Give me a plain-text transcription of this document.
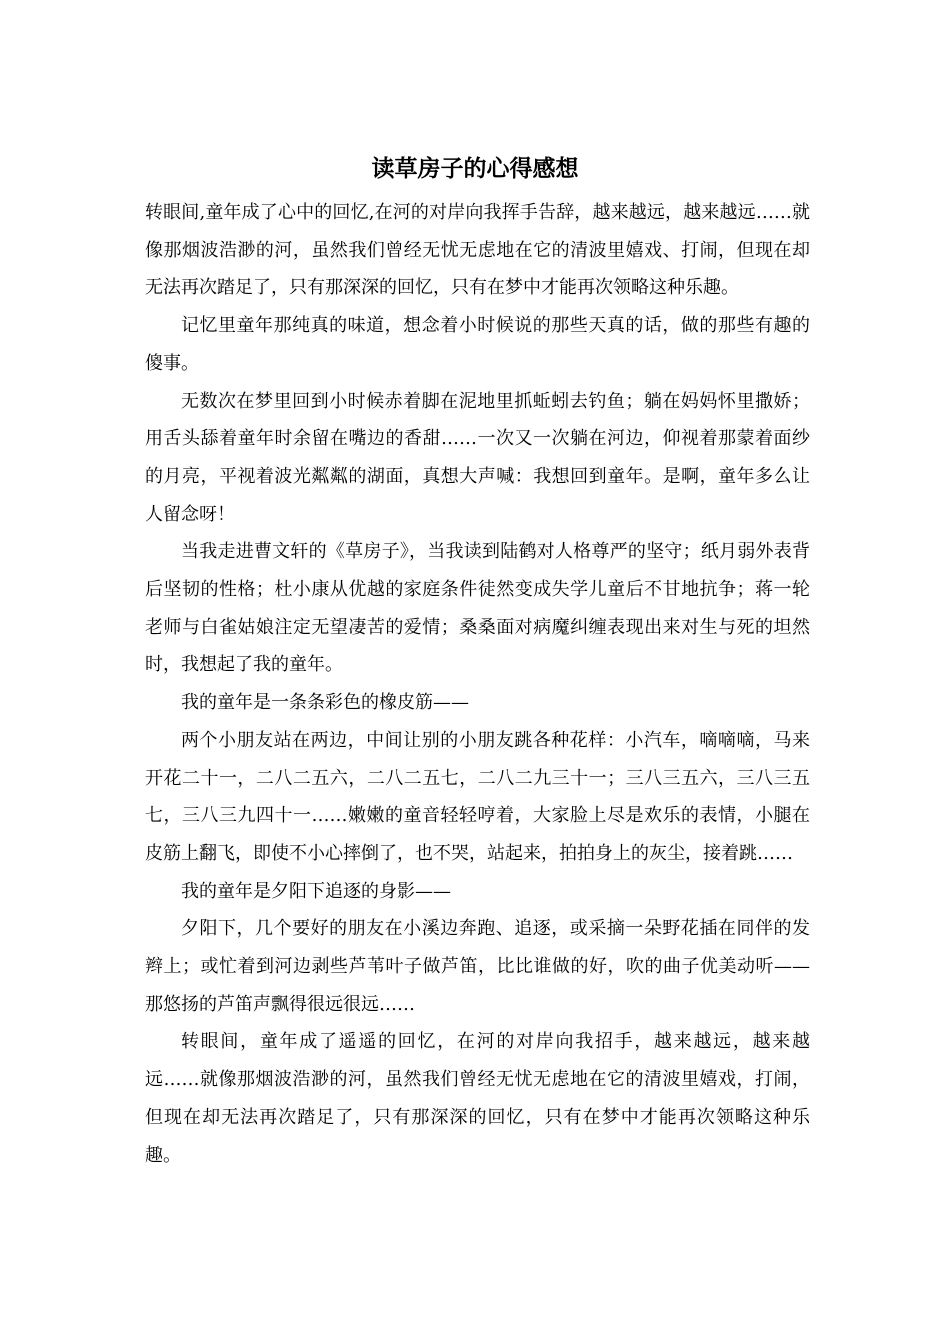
读草房子的心得感想

转眼间,童年成了心中的回忆,在河的对岸向我挥手告辞，越来越远，越来越远……就像那烟波浩渺的河，虽然我们曾经无忧无虑地在它的清波里嬉戏、打闹，但现在却无法再次踏足了，只有那深深的回忆，只有在梦中才能再次领略这种乐趣。

记忆里童年那纯真的味道，想念着小时候说的那些天真的话，做的那些有趣的傻事。

无数次在梦里回到小时候赤着脚在泥地里抓蚯蚓去钓鱼；躺在妈妈怀里撒娇；用舌头舔着童年时余留在嘴边的香甜……一次又一次躺在河边，仰视着那蒙着面纱的月亮，平视着波光粼粼的湖面，真想大声喊：我想回到童年。是啊，童年多么让人留念呀！

当我走进曹文轩的《草房子》，当我读到陆鹤对人格尊严的坚守；纸月弱外表背后坚韧的性格；杜小康从优越的家庭条件徒然变成失学儿童后不甘地抗争；蒋一轮老师与白雀姑娘注定无望凄苦的爱情；桑桑面对病魔纠缠表现出来对生与死的坦然时，我想起了我的童年。

我的童年是一条条彩色的橡皮筋——

两个小朋友站在两边，中间让别的小朋友跳各种花样：小汽车，嘀嘀嘀，马来开花二十一，二八二五六，二八二五七，二八二九三十一；三八三五六，三八三五七，三八三九四十一……嫩嫩的童音轻轻哼着，大家脸上尽是欢乐的表情，小腿在皮筋上翻飞，即使不小心摔倒了，也不哭，站起来，拍拍身上的灰尘，接着跳……

我的童年是夕阳下追逐的身影——

夕阳下，几个要好的朋友在小溪边奔跑、追逐，或采摘一朵野花插在同伴的发辫上；或忙着到河边剥些芦苇叶子做芦笛，比比谁做的好，吹的曲子优美动听——那悠扬的芦笛声飘得很远很远……

转眼间，童年成了遥遥的回忆，在河的对岸向我招手，越来越远，越来越远……就像那烟波浩渺的河，虽然我们曾经无忧无虑地在它的清波里嬉戏，打闹，但现在却无法再次踏足了，只有那深深的回忆，只有在梦中才能再次领略这种乐趣。
